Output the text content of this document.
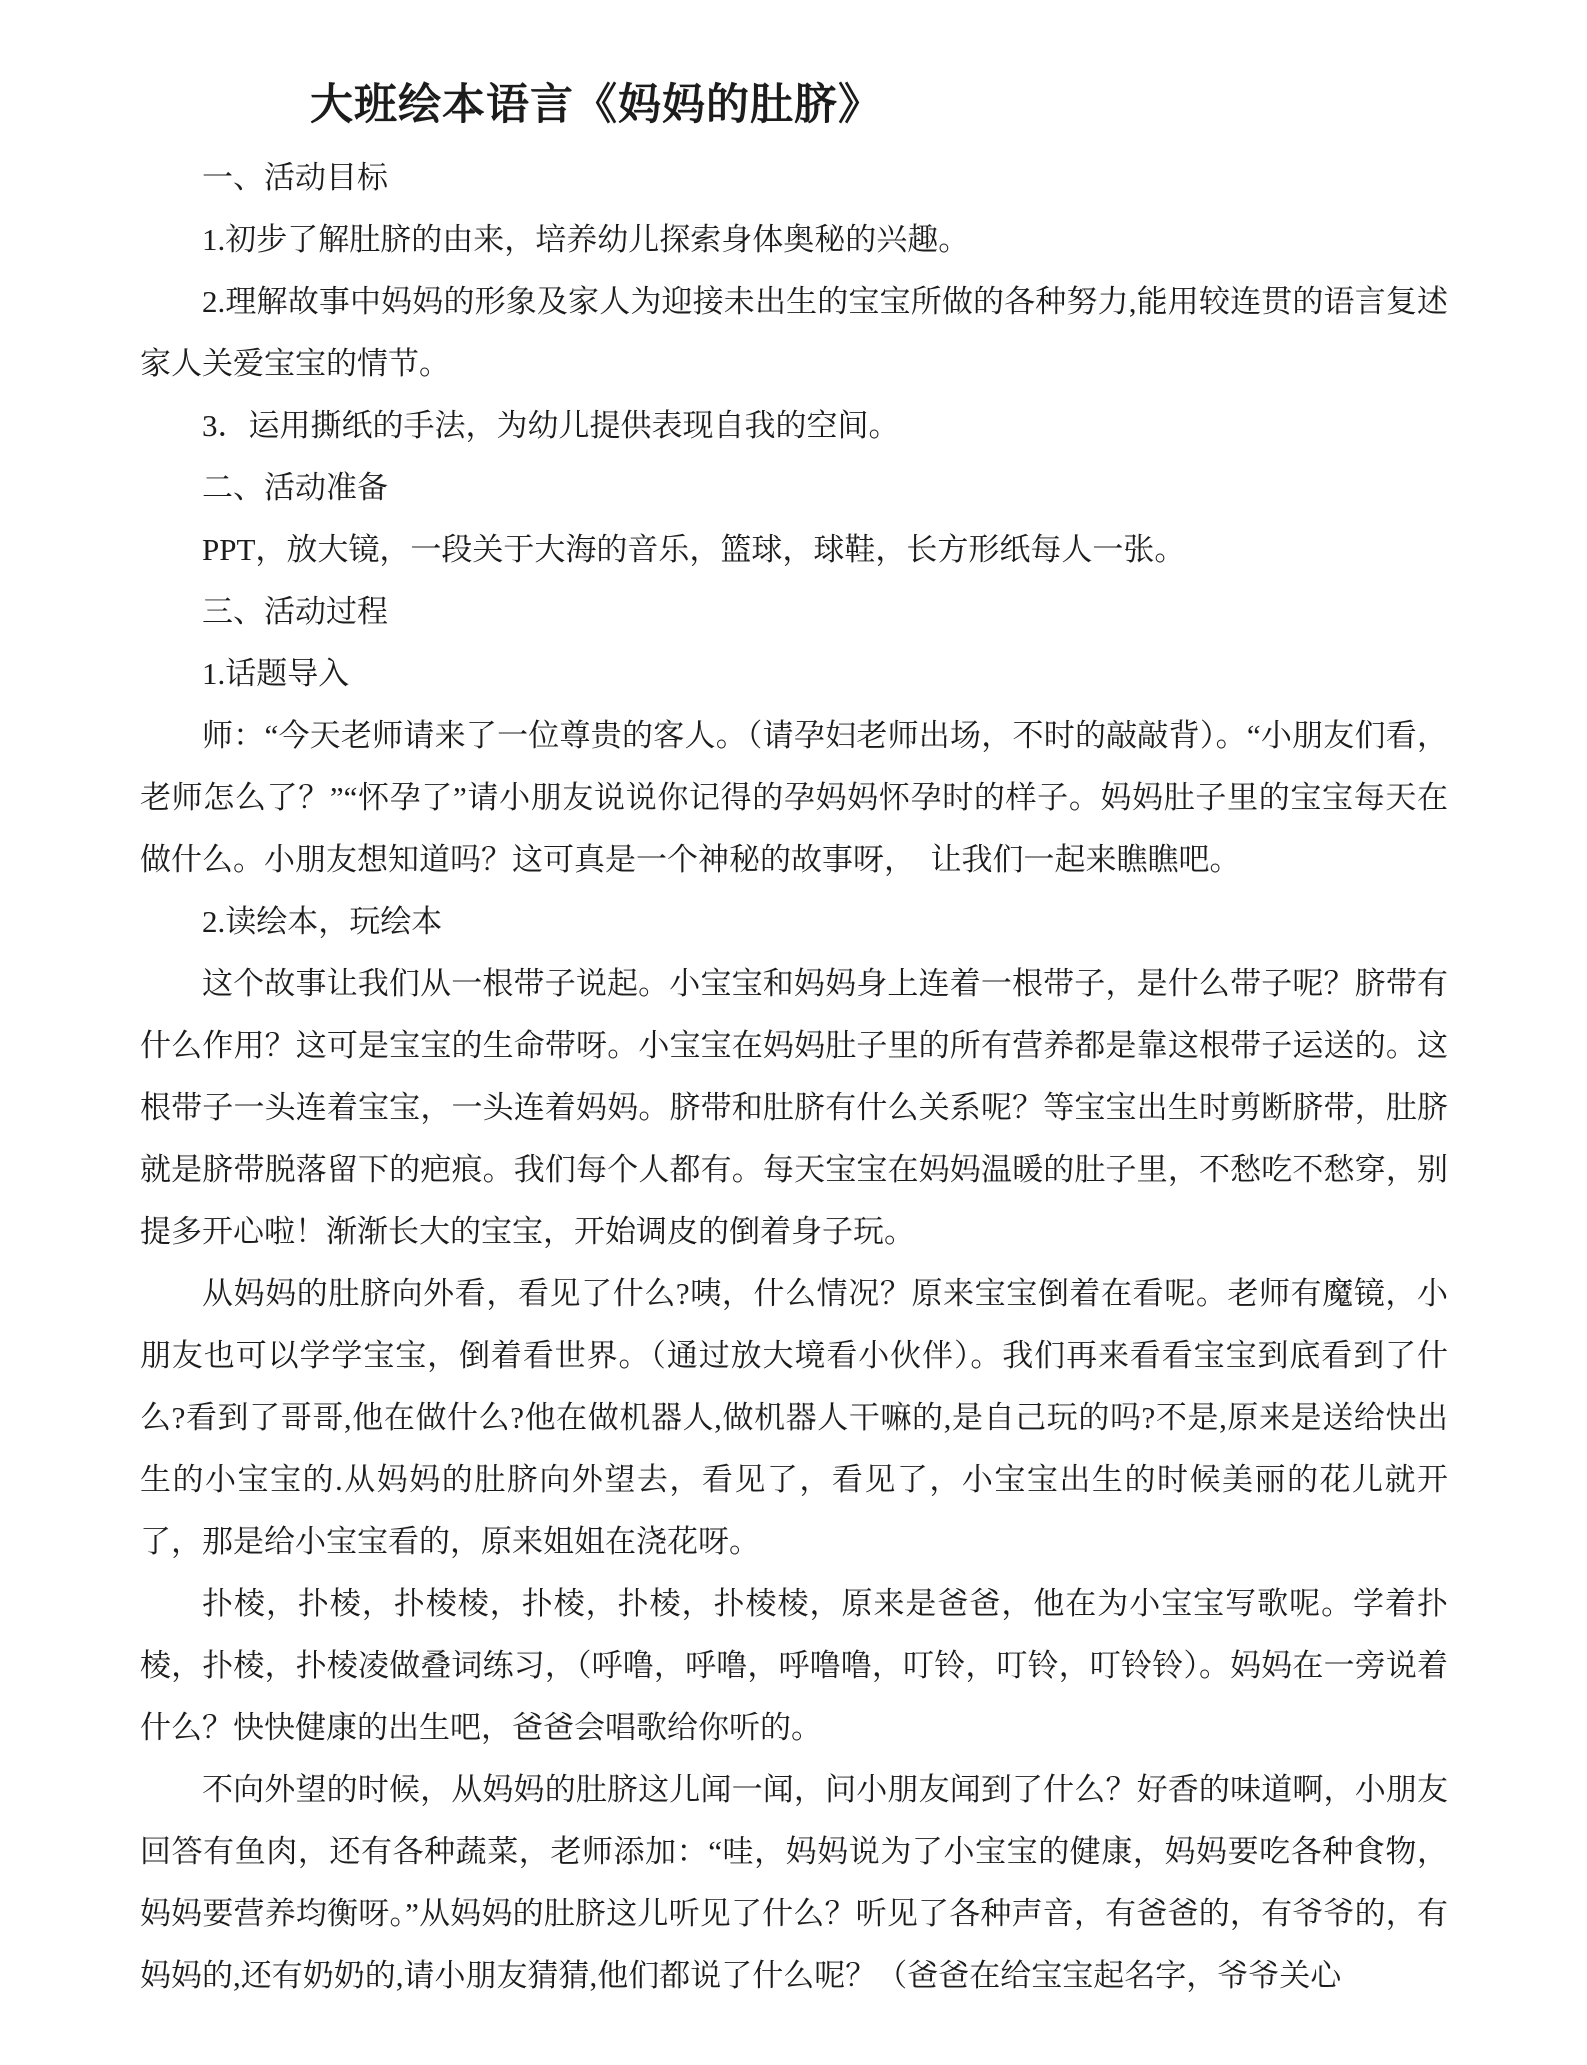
大班绘本语言《妈妈的肚脐》

一、活动目标

1.初步了解肚脐的由来，培养幼儿探索身体奥秘的兴趣。

2.理解故事中妈妈的形象及家人为迎接未出生的宝宝所做的各种努力,能用较连贯的语言复述家人关爱宝宝的情节。

3．运用撕纸的手法，为幼儿提供表现自我的空间。

二、活动准备

PPT，放大镜，一段关于大海的音乐，篮球，球鞋，长方形纸每人一张。

三、活动过程

1.话题导入

师：“今天老师请来了一位尊贵的客人。（请孕妇老师出场，不时的敲敲背）。“小朋友们看，老师怎么了？”“怀孕了”请小朋友说说你记得的孕妈妈怀孕时的样子。妈妈肚子里的宝宝每天在做什么。小朋友想知道吗？这可真是一个神秘的故事呀，　让我们一起来瞧瞧吧。

2.读绘本，玩绘本

这个故事让我们从一根带子说起。小宝宝和妈妈身上连着一根带子，是什么带子呢？脐带有什么作用？这可是宝宝的生命带呀。小宝宝在妈妈肚子里的所有营养都是靠这根带子运送的。这根带子一头连着宝宝，一头连着妈妈。脐带和肚脐有什么关系呢？等宝宝出生时剪断脐带，肚脐就是脐带脱落留下的疤痕。我们每个人都有。每天宝宝在妈妈温暖的肚子里，不愁吃不愁穿，别提多开心啦！渐渐长大的宝宝，开始调皮的倒着身子玩。

从妈妈的肚脐向外看，看见了什么?咦，什么情况？原来宝宝倒着在看呢。老师有魔镜，小朋友也可以学学宝宝，倒着看世界。（通过放大境看小伙伴）。我们再来看看宝宝到底看到了什么?看到了哥哥,他在做什么?他在做机器人,做机器人干嘛的,是自己玩的吗?不是,原来是送给快出生的小宝宝的.从妈妈的肚脐向外望去，看见了，看见了，小宝宝出生的时候美丽的花儿就开了，那是给小宝宝看的，原来姐姐在浇花呀。

扑棱，扑棱，扑棱棱，扑棱，扑棱，扑棱棱，原来是爸爸，他在为小宝宝写歌呢。学着扑棱，扑棱，扑棱凌做叠词练习，（呼噜，呼噜，呼噜噜，叮铃，叮铃，叮铃铃）。妈妈在一旁说着什么？快快健康的出生吧，爸爸会唱歌给你听的。

不向外望的时候，从妈妈的肚脐这儿闻一闻，问小朋友闻到了什么？好香的味道啊，小朋友回答有鱼肉，还有各种蔬菜，老师添加：“哇，妈妈说为了小宝宝的健康，妈妈要吃各种食物，妈妈要营养均衡呀。”从妈妈的肚脐这儿听见了什么？听见了各种声音，有爸爸的，有爷爷的，有妈妈的,还有奶奶的,请小朋友猜猜,他们都说了什么呢？（爸爸在给宝宝起名字，爷爷关心
